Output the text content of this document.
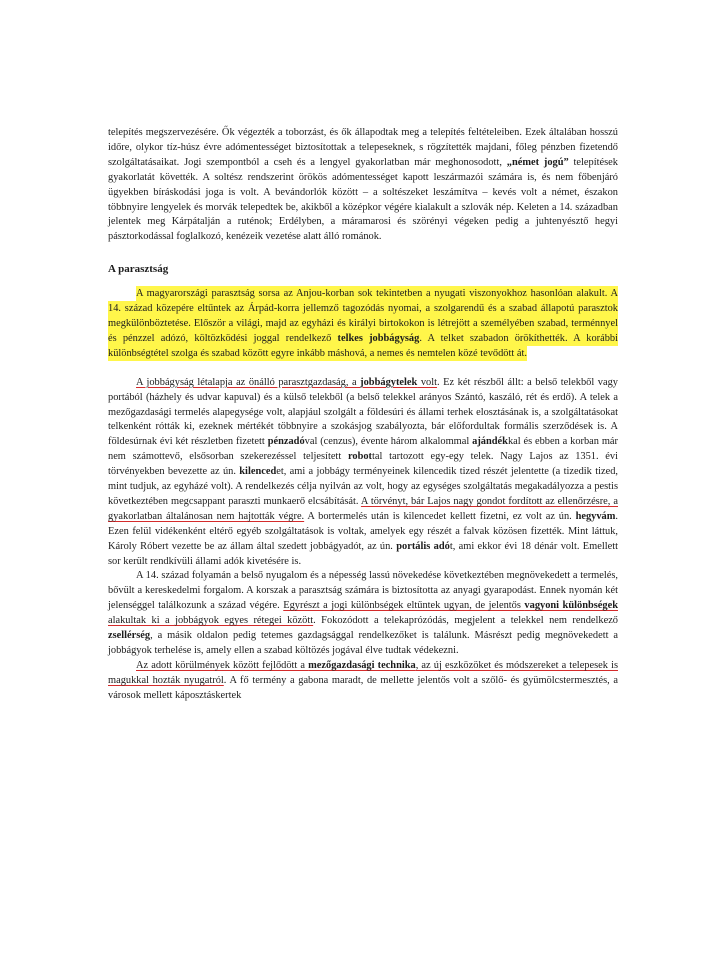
telepítés megszervezésére. Ők végezték a toborzást, és ők állapodtak meg a telepítés feltételeiben. Ezek általában hosszú időre, olykor tíz-húsz évre adómentességet biztosítottak a telepeseknek, s rögzítették majdani, főleg pénzben fizetendő szolgáltatásaikat. Jogi szempontból a cseh és a lengyel gyakorlatban már meghonosodott, „német jogú” telepítések gyakorlatát követték. A soltész rendszerint örökös adómentességet kapott leszármazói számára is, és nem főbenjáró ügyekben bíráskodási joga is volt. A bevándorlók között – a soltészeket leszámítva – kevés volt a német, északon többnyire lengyelek és morvák telepedtek be, akikből a középkor végére kialakult a szlovák nép. Keleten a 14. században jelentek meg Kárpátalján a ruténok; Erdélyben, a máramarosi és szörényi végeken pedig a juhtenyésztő hegyi pásztorkodással foglalkozó, kenézeik vezetése alatt álló románok.

A parasztság

A magyarországi parasztság sorsa az Anjou-korban sok tekintetben a nyugati viszonyokhoz hasonlóan alakult. A 14. század közepére eltűntek az Árpád-korra jellemző tagozódás nyomai, a szolgarendű és a szabad állapotú parasztok megkülönböztetése. Először a világi, majd az egyházi és királyi birtokokon is létrejött a személyében szabad, terménnyel és pénzzel adózó, költözködési joggal rendelkező telkes jobbágyság. A telket szabadon örökíthették. A korábbi különbségtétel szolga és szabad között egyre inkább máshová, a nemes és nemtelen közé tevődött át.

A jobbágyság létalapja az önálló parasztgazdaság, a jobbágytelek volt. Ez két részből állt: a belső telekből vagy portából (házhely és udvar kapuval) és a külső telekből (a belső telekkel arányos Szántó, kaszáló, rét és erdő). A telek a mezőgazdasági termelés alapegysége volt, alapjául szolgált a földesúri és állami terhek elosztásának is, a szolgáltatásokat telkenként rótták ki, ezeknek mértékét többnyire a szokásjog szabályozta, bár előfordultak formális szerződések is. A földesúrnak évi két részletben fizetett pénzadóval (cenzus), évente három alkalommal ajándékkal és ebben a korban már nem számottevő, elsősorban szekerezéssel teljesített robottal tartozott egy-egy telek. Nagy Lajos az 1351. évi törvényekben bevezette az ún. kilencedet, ami a jobbágy terményeinek kilencedik tized részét jelentette (a tizedik tized, mint tudjuk, az egyházé volt). A rendelkezés célja nyilván az volt, hogy az egységes szolgáltatás megakadályozza a pestis következtében megcsappant paraszti munkaerő elcsábítását. A törvényt, bár Lajos nagy gondot fordított az ellenőrzésre, a gyakorlatban általánosan nem hajtották végre. A bortermelés után is kilencedet kellett fizetni, ez volt az ún. hegyvám. Ezen felül vidékenként eltérő egyéb szolgáltatások is voltak, amelyek egy részét a falvak közösen fizették. Mint láttuk, Károly Róbert vezette be az állam által szedett jobbágyadót, az ún. portális adót, ami ekkor évi 18 dénár volt. Emellett sor került rendkívüli állami adók kivetésére is.

A 14. század folyamán a belső nyugalom és a népesség lassú növekedése következtében megnövekedett a termelés, bővült a kereskedelmi forgalom. A korszak a parasztság számára is biztosította az anyagi gyarapodást. Ennek nyomán két jelenséggel találkozunk a század végére. Egyrészt a jogi különbségek eltűntek ugyan, de jelentős vagyoni különbségek alakultak ki a jobbágyok egyes rétegei között. Fokozódott a telekaprózódás, megjelent a telekkel nem rendelkező zsellérség, a másik oldalon pedig tetemes gazdagsággal rendelkezőket is találunk. Másrészt pedig megnövekedett a jobbágyok terhelése is, amely ellen a szabad költözés jogával élve tudtak védekezni.

Az adott körülmények között fejlődött a mezőgazdasági technika, az új eszközöket és módszereket a telepesek is magukkal hozták nyugatról. A fő termény a gabona maradt, de mellette jelentős volt a szőlő- és gyümölcstermesztés, a városok mellett káposztáskertek
